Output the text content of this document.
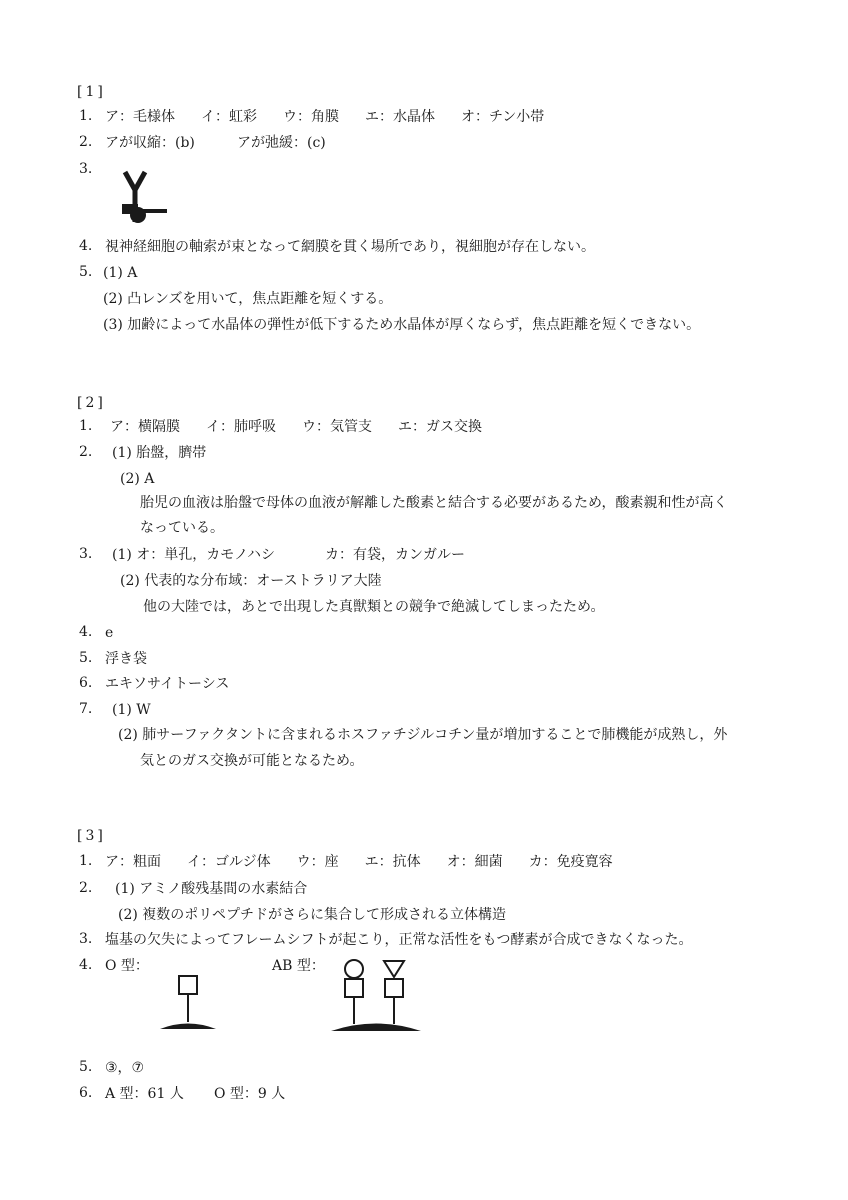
[1]
1. ア：毛様体 イ：虹彩 ウ：角膜 エ：水晶体 オ：チン小帯
2. アが収縮：(b)	アが弛緩：(c)
3.
4. 視神経細胞の軸索が束となって網膜を貫く場所であり，視細胞が存在しない。
5. (1) A
(2) 凸レンズを用いて，焦点距離を短くする。
(3) 加齢によって水晶体の弾性が低下するため水晶体が厚くならず，焦点距離を短くできない。
[2]
1. ア：横隔膜 イ：肺呼吸 ウ：気管支 エ：ガス交換
2. (1) 胎盤，臍帯
(2) A
胎児の血液は胎盤で母体の血液が解離した酸素と結合する必要があるため，酸素親和性が高く
なっている。
3. (1) オ：単孔，カモノハシ	カ：有袋，カンガルー
(2) 代表的な分布域：オーストラリア大陸
他の大陸では，あとで出現した真獣類との競争で絶滅してしまったため。
4. e
5. 浮き袋
6. エキソサイトーシス
7. (1) W
(2) 肺サーファクタントに含まれるホスファチジルコチン量が増加することで肺機能が成熟し，外
気とのガス交換が可能となるため。
[3]
1. ア：粗面 イ：ゴルジ体 ウ：座 エ：抗体 オ：細菌 カ：免疫寛容
2. (1) アミノ酸残基間の水素結合
(2) 複数のポリペプチドがさらに集合して形成される立体構造
3. 塩基の欠失によってフレームシフトが起こり，正常な活性をもつ酵素が合成できなくなった。
4. O 型：	AB 型：
5. ③，⑦
6. A 型：61 人 O 型：9 人
